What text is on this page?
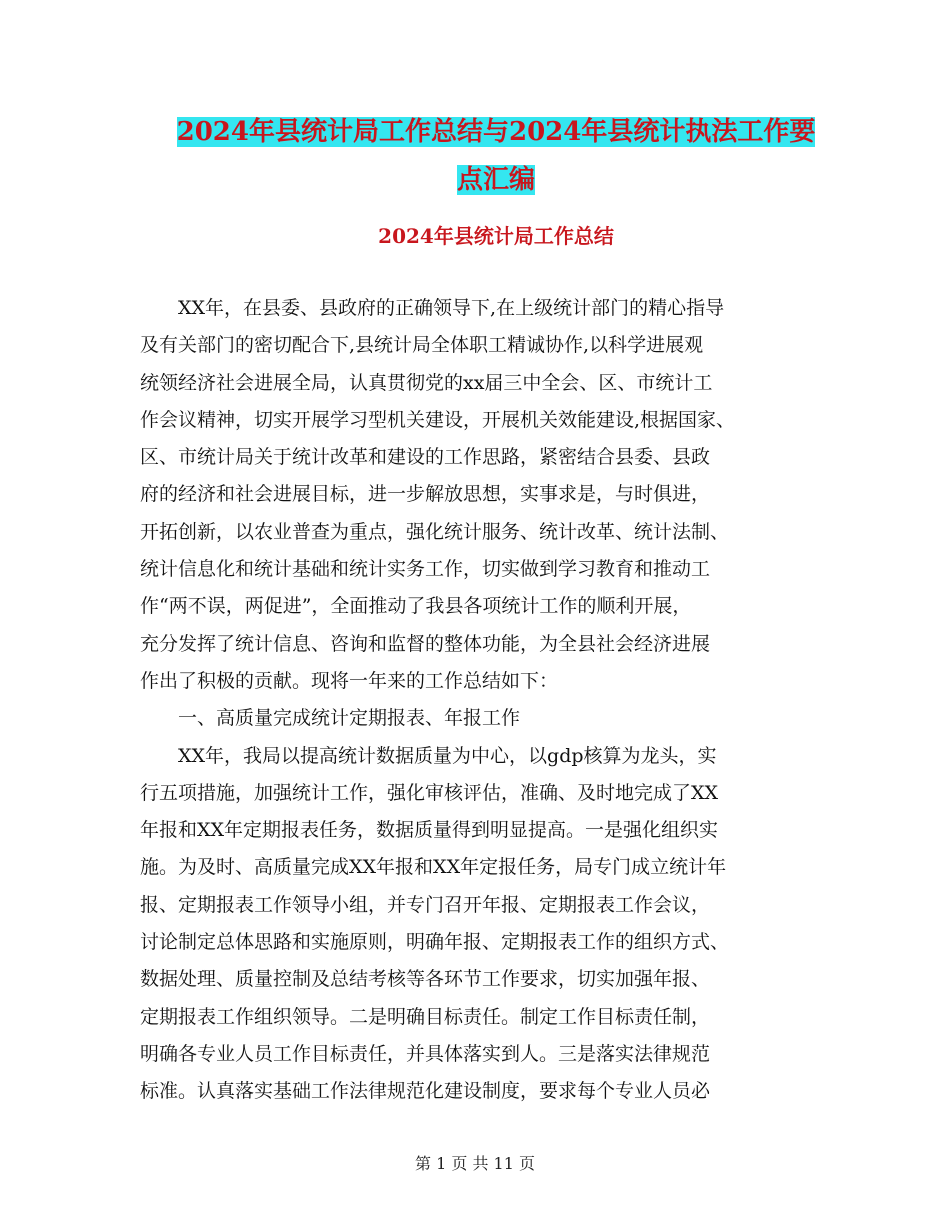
2024年县统计局工作总结与2024年县统计执法工作要
点汇编
2024年县统计局工作总结
XX年，在县委、县政府的正确领导下,在上级统计部门的精心指导
及有关部门的密切配合下,县统计局全体职工精诚协作,以科学进展观
统领经济社会进展全局，认真贯彻党的xx届三中全会、区、市统计工
作会议精神，切实开展学习型机关建设，开展机关效能建设,根据国家、
区、市统计局关于统计改革和建设的工作思路，紧密结合县委、县政
府的经济和社会进展目标，进一步解放思想，实事求是，与时俱进，
开拓创新，以农业普查为重点，强化统计服务、统计改革、统计法制、
统计信息化和统计基础和统计实务工作，切实做到学习教育和推动工
作“两不误，两促进”，全面推动了我县各项统计工作的顺利开展，
充分发挥了统计信息、咨询和监督的整体功能，为全县社会经济进展
作出了积极的贡献。现将一年来的工作总结如下：
一、高质量完成统计定期报表、年报工作
XX年，我局以提高统计数据质量为中心，以gdp核算为龙头，实
行五项措施，加强统计工作，强化审核评估，准确、及时地完成了XX
年报和XX年定期报表任务，数据质量得到明显提高。一是强化组织实
施。为及时、高质量完成XX年报和XX年定报任务，局专门成立统计年
报、定期报表工作领导小组，并专门召开年报、定期报表工作会议，
讨论制定总体思路和实施原则，明确年报、定期报表工作的组织方式、
数据处理、质量控制及总结考核等各环节工作要求，切实加强年报、
定期报表工作组织领导。二是明确目标责任。制定工作目标责任制，
明确各专业人员工作目标责任，并具体落实到人。三是落实法律规范
标准。认真落实基础工作法律规范化建设制度，要求每个专业人员必
第 1 页 共 11 页
